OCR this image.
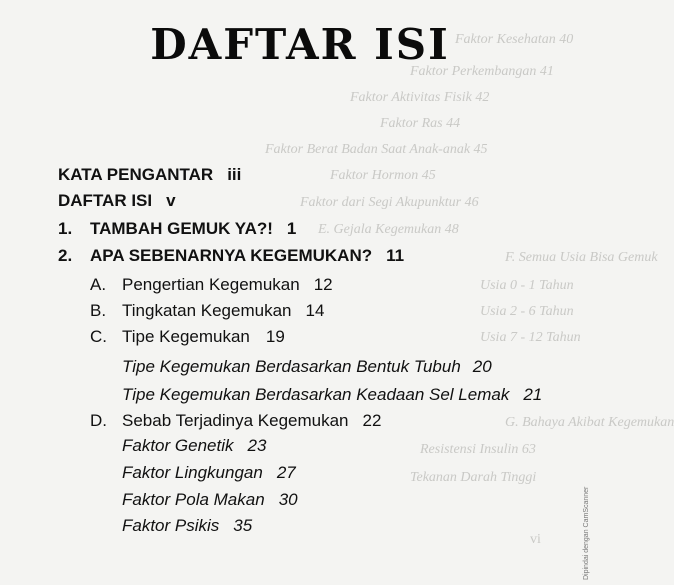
Faktor Kesehatan 40
Faktor Perkembangan 41
Faktor Aktivitas Fisik 42
Faktor Ras 44
Faktor Berat Badan Saat Anak-anak 45
Faktor Hormon 45
Faktor dari Segi Akupunktur 46
E. Gejala Kegemukan 48
F. Semua Usia Bisa Gemuk
Usia 0 - 1 Tahun
Usia 2 - 6 Tahun
Usia 7 - 12 Tahun
G. Bahaya Akibat Kegemukan
Resistensi Insulin 63
Tekanan Darah Tinggi
DAFTAR ISI
KATA PENGANTAR iii
DAFTAR ISI v
1. TAMBAH GEMUK YA?! 1
2. APA SEBENARNYA KEGEMUKAN? 11
A. Pengertian Kegemukan 12
B. Tingkatan Kegemukan 14
C. Tipe Kegemukan 19
Tipe Kegemukan Berdasarkan Bentuk Tubuh 20
Tipe Kegemukan Berdasarkan Keadaan Sel Lemak 21
D. Sebab Terjadinya Kegemukan 22
Faktor Genetik 23
Faktor Lingkungan 27
Faktor Pola Makan 30
Faktor Psikis 35
vi	Dipindai dengan CamScanner
